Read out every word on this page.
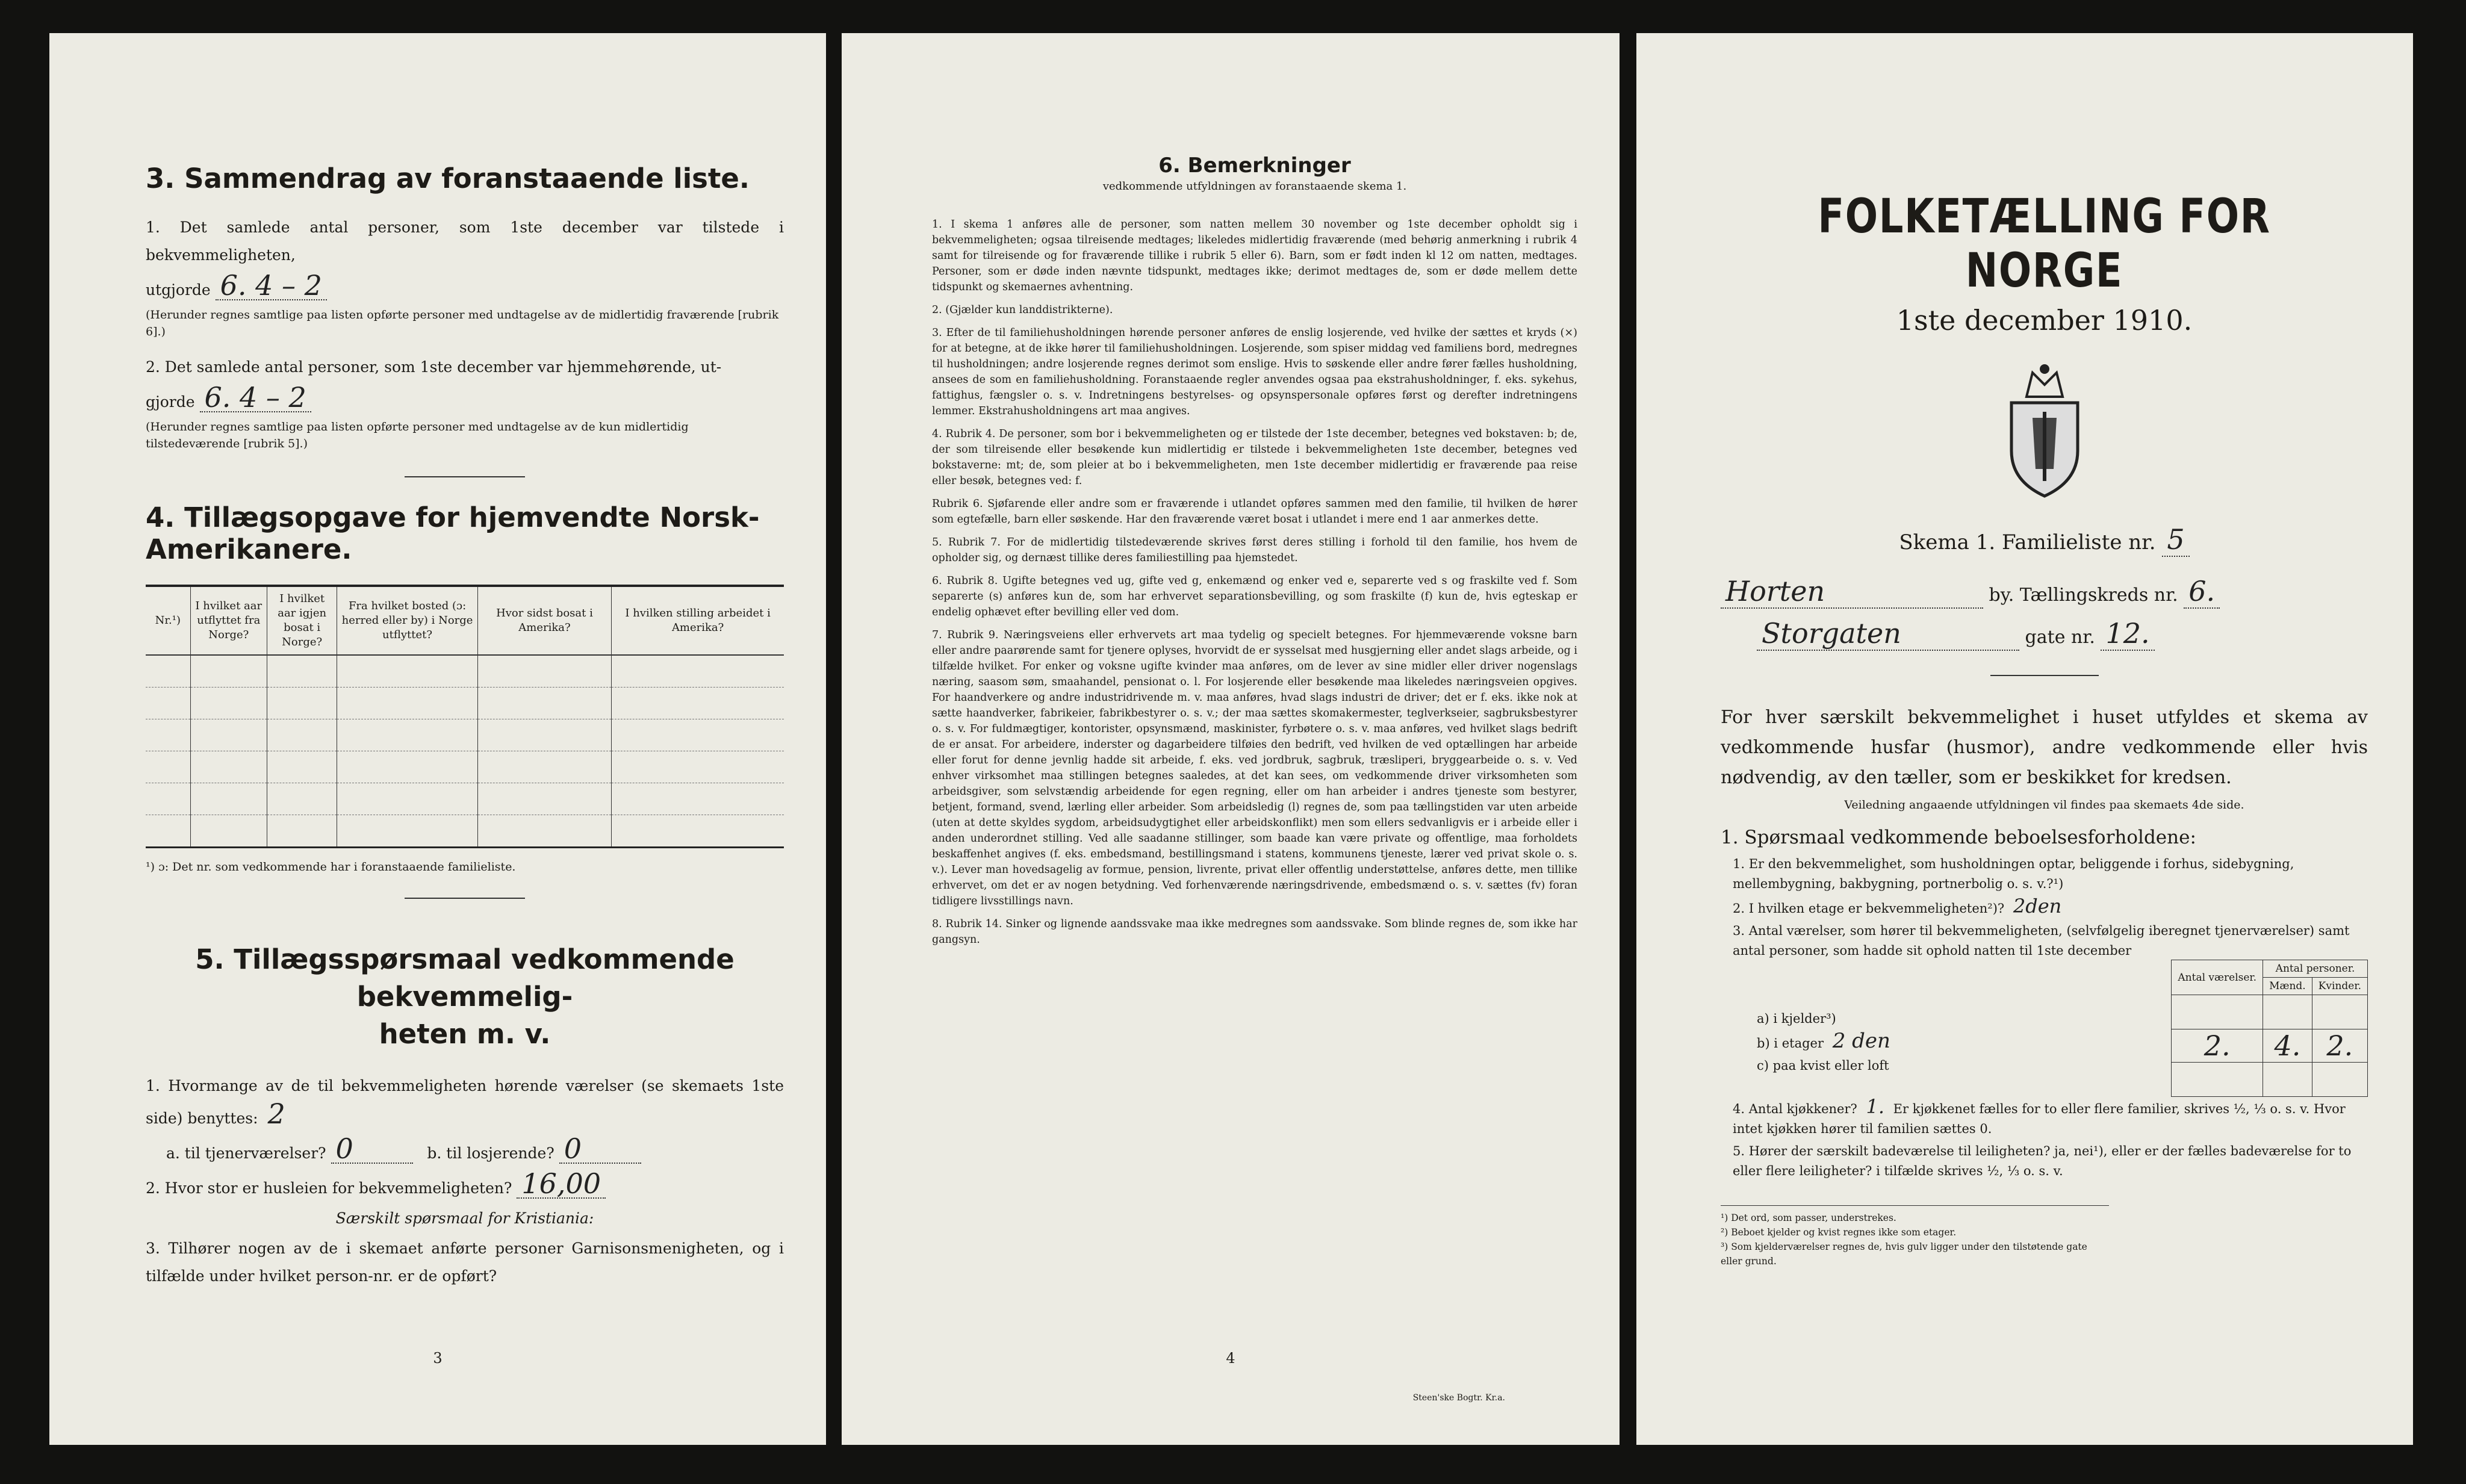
3. Sammendrag av foranstaaende liste.

1. Det samlede antal personer, som 1ste december var tilstede i bekvemmeligheten,

utgjorde 6. 4 – 2

(Herunder regnes samtlige paa listen opførte personer med undtagelse av de midlertidig fraværende [rubrik 6].)

2. Det samlede antal personer, som 1ste december var hjemmehørende, ut-

gjorde 6. 4 – 2

(Herunder regnes samtlige paa listen opførte personer med undtagelse av de kun midlertidig tilstedeværende [rubrik 5].)

4. Tillægsopgave for hjemvendte Norsk-Amerikanere.
Nr.¹)	I hvilket aar utflyttet fra Norge?	I hvilket aar igjen bosat i Norge?	Fra hvilket bosted (ɔ: herred eller by) i Norge utflyttet?	Hvor sidst bosat i Amerika?	I hvilken stilling arbeidet i Amerika?

¹) ɔ: Det nr. som vedkommende har i foranstaaende familieliste.
5. Tillægsspørsmaal vedkommende bekvemmelig-
heten m. v.

1. Hvormange av de til bekvemmeligheten hørende værelser (se skemaets 1ste side) benyttes: 2

a. til tjenerværelser? 0	b. til losjerende? 0

2. Hvor stor er husleien for bekvemmeligheten? 16,00

Særskilt spørsmaal for Kristiania:

3. Tilhører nogen av de i skemaet anførte personer Garnisonsmenigheten, og i tilfælde under hvilket person-nr. er de opført?

3
6. Bemerkninger
vedkommende utfyldningen av foranstaaende skema 1.

1. I skema 1 anføres alle de personer, som natten mellem 30 november og 1ste december opholdt sig i bekvemmeligheten; ogsaa tilreisende medtages; likeledes midlertidig fraværende (med behørig anmerkning i rubrik 4 samt for tilreisende og for fraværende tillike i rubrik 5 eller 6). Barn, som er født inden kl 12 om natten, medtages. Personer, som er døde inden nævnte tidspunkt, medtages ikke; derimot medtages de, som er døde mellem dette tidspunkt og skemaernes avhentning.

2. (Gjælder kun landdistrikterne).

3. Efter de til familiehusholdningen hørende personer anføres de enslig losjerende, ved hvilke der sættes et kryds (×) for at betegne, at de ikke hører til familiehusholdningen. Losjerende, som spiser middag ved familiens bord, medregnes til husholdningen; andre losjerende regnes derimot som enslige. Hvis to søskende eller andre fører fælles husholdning, ansees de som en familiehusholdning. Foranstaaende regler anvendes ogsaa paa ekstrahusholdninger, f. eks. sykehus, fattighus, fængsler o. s. v. Indretningens bestyrelses- og opsynspersonale opføres først og derefter indretningens lemmer. Ekstrahusholdningens art maa angives.

4. Rubrik 4. De personer, som bor i bekvemmeligheten og er tilstede der 1ste december, betegnes ved bokstaven: b; de, der som tilreisende eller besøkende kun midlertidig er tilstede i bekvemmeligheten 1ste december, betegnes ved bokstaverne: mt; de, som pleier at bo i bekvemmeligheten, men 1ste december midlertidig er fraværende paa reise eller besøk, betegnes ved: f.

Rubrik 6. Sjøfarende eller andre som er fraværende i utlandet opføres sammen med den familie, til hvilken de hører som egtefælle, barn eller søskende. Har den fraværende været bosat i utlandet i mere end 1 aar anmerkes dette.

5. Rubrik 7. For de midlertidig tilstedeværende skrives først deres stilling i forhold til den familie, hos hvem de opholder sig, og dernæst tillike deres familiestilling paa hjemstedet.

6. Rubrik 8. Ugifte betegnes ved ug, gifte ved g, enkemænd og enker ved e, separerte ved s og fraskilte ved f. Som separerte (s) anføres kun de, som har erhvervet separationsbevilling, og som fraskilte (f) kun de, hvis egteskap er endelig ophævet efter bevilling eller ved dom.

7. Rubrik 9. Næringsveiens eller erhvervets art maa tydelig og specielt betegnes. For hjemmeværende voksne barn eller andre paarørende samt for tjenere oplyses, hvorvidt de er sysselsat med husgjerning eller andet slags arbeide, og i tilfælde hvilket. For enker og voksne ugifte kvinder maa anføres, om de lever av sine midler eller driver nogenslags næring, saasom søm, smaahandel, pensionat o. l. For losjerende eller besøkende maa likeledes næringsveien opgives. For haandverkere og andre industridrivende m. v. maa anføres, hvad slags industri de driver; det er f. eks. ikke nok at sætte haandverker, fabrikeier, fabrikbestyrer o. s. v.; der maa sættes skomakermester, teglverkseier, sagbruksbestyrer o. s. v. For fuldmægtiger, kontorister, opsynsmænd, maskinister, fyrbøtere o. s. v. maa anføres, ved hvilket slags bedrift de er ansat. For arbeidere, inderster og dagarbeidere tilføies den bedrift, ved hvilken de ved optællingen har arbeide eller forut for denne jevnlig hadde sit arbeide, f. eks. ved jordbruk, sagbruk, træsliperi, bryggearbeide o. s. v. Ved enhver virksomhet maa stillingen betegnes saaledes, at det kan sees, om vedkommende driver virksomheten som arbeidsgiver, som selvstændig arbeidende for egen regning, eller om han arbeider i andres tjeneste som bestyrer, betjent, formand, svend, lærling eller arbeider. Som arbeidsledig (l) regnes de, som paa tællingstiden var uten arbeide (uten at dette skyldes sygdom, arbeidsudygtighet eller arbeidskonflikt) men som ellers sedvanligvis er i arbeide eller i anden underordnet stilling. Ved alle saadanne stillinger, som baade kan være private og offentlige, maa forholdets beskaffenhet angives (f. eks. embedsmand, bestillingsmand i statens, kommunens tjeneste, lærer ved privat skole o. s. v.). Lever man hovedsagelig av formue, pension, livrente, privat eller offentlig understøttelse, anføres dette, men tillike erhvervet, om det er av nogen betydning. Ved forhenværende næringsdrivende, embedsmænd o. s. v. sættes (fv) foran tidligere livsstillings navn.

8. Rubrik 14. Sinker og lignende aandssvake maa ikke medregnes som aandssvake. Som blinde regnes de, som ikke har gangsyn.

4
Steen'ske Bogtr. Kr.a.
FOLKETÆLLING FOR NORGE
1ste december 1910.
Skema 1. Familieliste nr. 5
Horten	by. Tællingskreds nr. 6.
Storgaten	gate nr. 12.

For hver særskilt bekvemmelighet i huset utfyldes et skema av vedkommende husfar (husmor), andre vedkommende eller hvis nødvendig, av den tæller, som er beskikket for kredsen.

Veiledning angaaende utfyldningen vil findes paa skemaets 4de side.

1. Spørsmaal vedkommende beboelsesforholdene:
1. Er den bekvemmelighet, som husholdningen optar, beliggende i forhus, sidebygning, mellembygning, bakbygning, portnerbolig o. s. v.?¹)
2. I hvilken etage er bekvemmeligheten²)? 2den
3. Antal værelser, som hører til bekvemmeligheten, (selvfølgelig iberegnet tjenerværelser) samt antal personer, som hadde sit ophold natten til 1ste december
Antal værelser.	Antal personer.	
	Mænd.	Kvinder.

2.	4.	2.

a) i kjelder³)
b) i etager 2 den
c) paa kvist eller loft
4. Antal kjøkkener? 1. Er kjøkkenet fælles for to eller flere familier, skrives ½, ⅓ o. s. v. Hvor intet kjøkken hører til familien sættes 0.
5. Hører der særskilt badeværelse til leiligheten? ja, nei¹), eller er der fælles badeværelse for to eller flere leiligheter? i tilfælde skrives ½, ⅓ o. s. v.
¹) Det ord, som passer, understrekes.
²) Beboet kjelder og kvist regnes ikke som etager.
³) Som kjelderværelser regnes de, hvis gulv ligger under den tilstøtende gate eller grund.
